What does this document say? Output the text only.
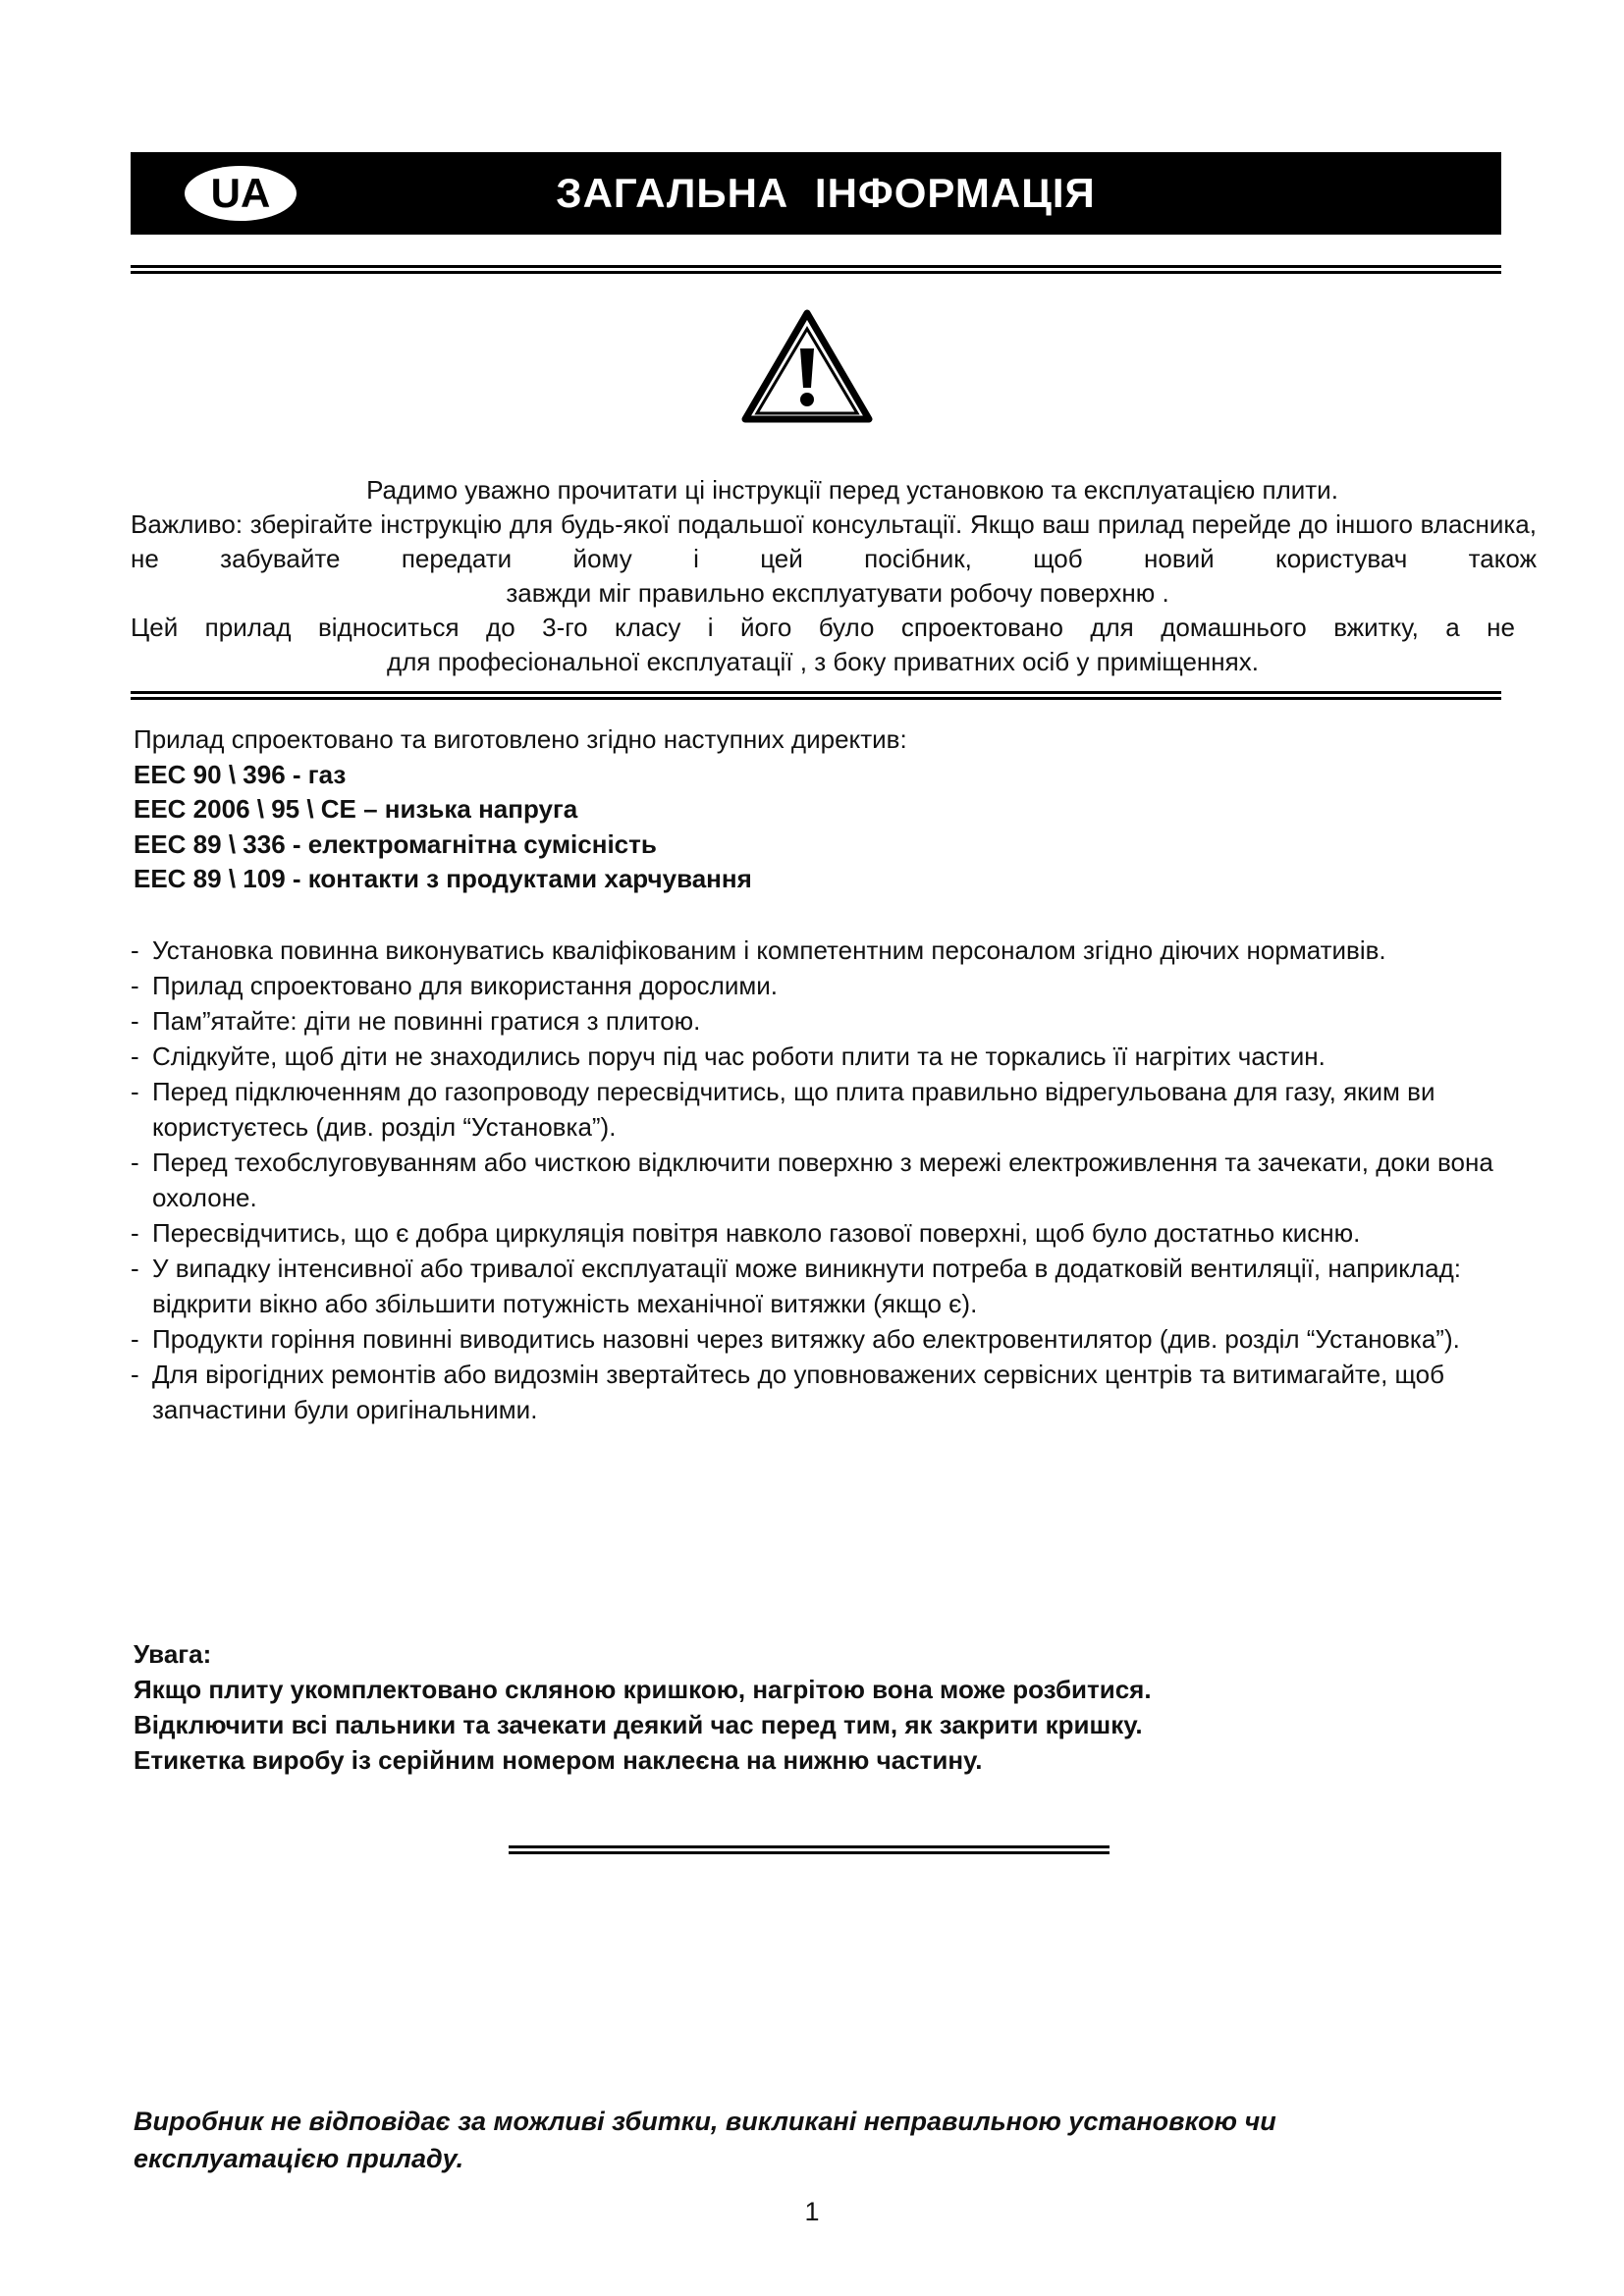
UA	ЗАГАЛЬНА ІНФОРМАЦІЯ

Радимо уважно прочитати ці інструкції перед установкою та експлуатацією плити.

Важливо: зберігайте інструкцію для будь-якої подальшої консультації. Якщо ваш прилад перейде до іншого власника, не забувайте передати йому і цей посібник, щоб новий користувач також

завжди міг правильно експлуатувати робочу поверхню .

Цей прилад відноситься до 3-го класу і його було спроектовано для домашнього вжитку, а не

для професіональної експлуатації , з боку приватних осіб у приміщеннях.

Прилад спроектовано та виготовлено згідно наступних директив:
EEC 90 \ 396 - газ
EEC 2006 \ 95 \ CE – низька напруга
EEC 89 \ 336 - електромагнітна сумісність
EEC 89 \ 109 - контакти з продуктами харчування
- Установка повинна виконуватись кваліфікованим і компетентним персоналом згідно діючих нормативів.
- Прилад спроектовано для використання дорослими.
- Пам”ятайте: діти не повинні гратися з плитою.
- Слідкуйте, щоб діти не знаходились поруч під час роботи плити та не торкались її нагрітих частин.
- Перед підключенням до газопроводу пересвідчитись, що плита правильно відрегульована для газу, яким ви користуєтесь (див. розділ “Установка”).
- Перед техобслуговуванням або чисткою відключити поверхню з мережі електроживлення та зачекати, доки вона охолоне.
- Пересвідчитись, що є добра циркуляція повітря навколо газової поверхні, щоб було достатньо кисню.
- У випадку інтенсивної або тривалої експлуатації може виникнути потреба в додатковій вентиляції, наприклад: відкрити вікно або збільшити потужність механічної витяжки (якщо є).
- Продукти горіння повинні виводитись назовні через витяжку або електровентилятор (див. розділ “Установка”).
- Для вірогідних ремонтів або видозмін звертайтесь до уповноважених сервісних центрів та витимагайте, щоб запчастини були оригінальними.
Увага:
Якщо плиту укомплектовано скляною кришкою, нагрітою вона може розбитися.
Відключити всі пальники та зачекати деякий час перед тим, як закрити кришку.
Етикетка виробу із серійним номером наклеєна на нижню частину.
Виробник не відповідає за можливі збитки, викликані неправильною установкою чи експлуатацією приладу.
1
